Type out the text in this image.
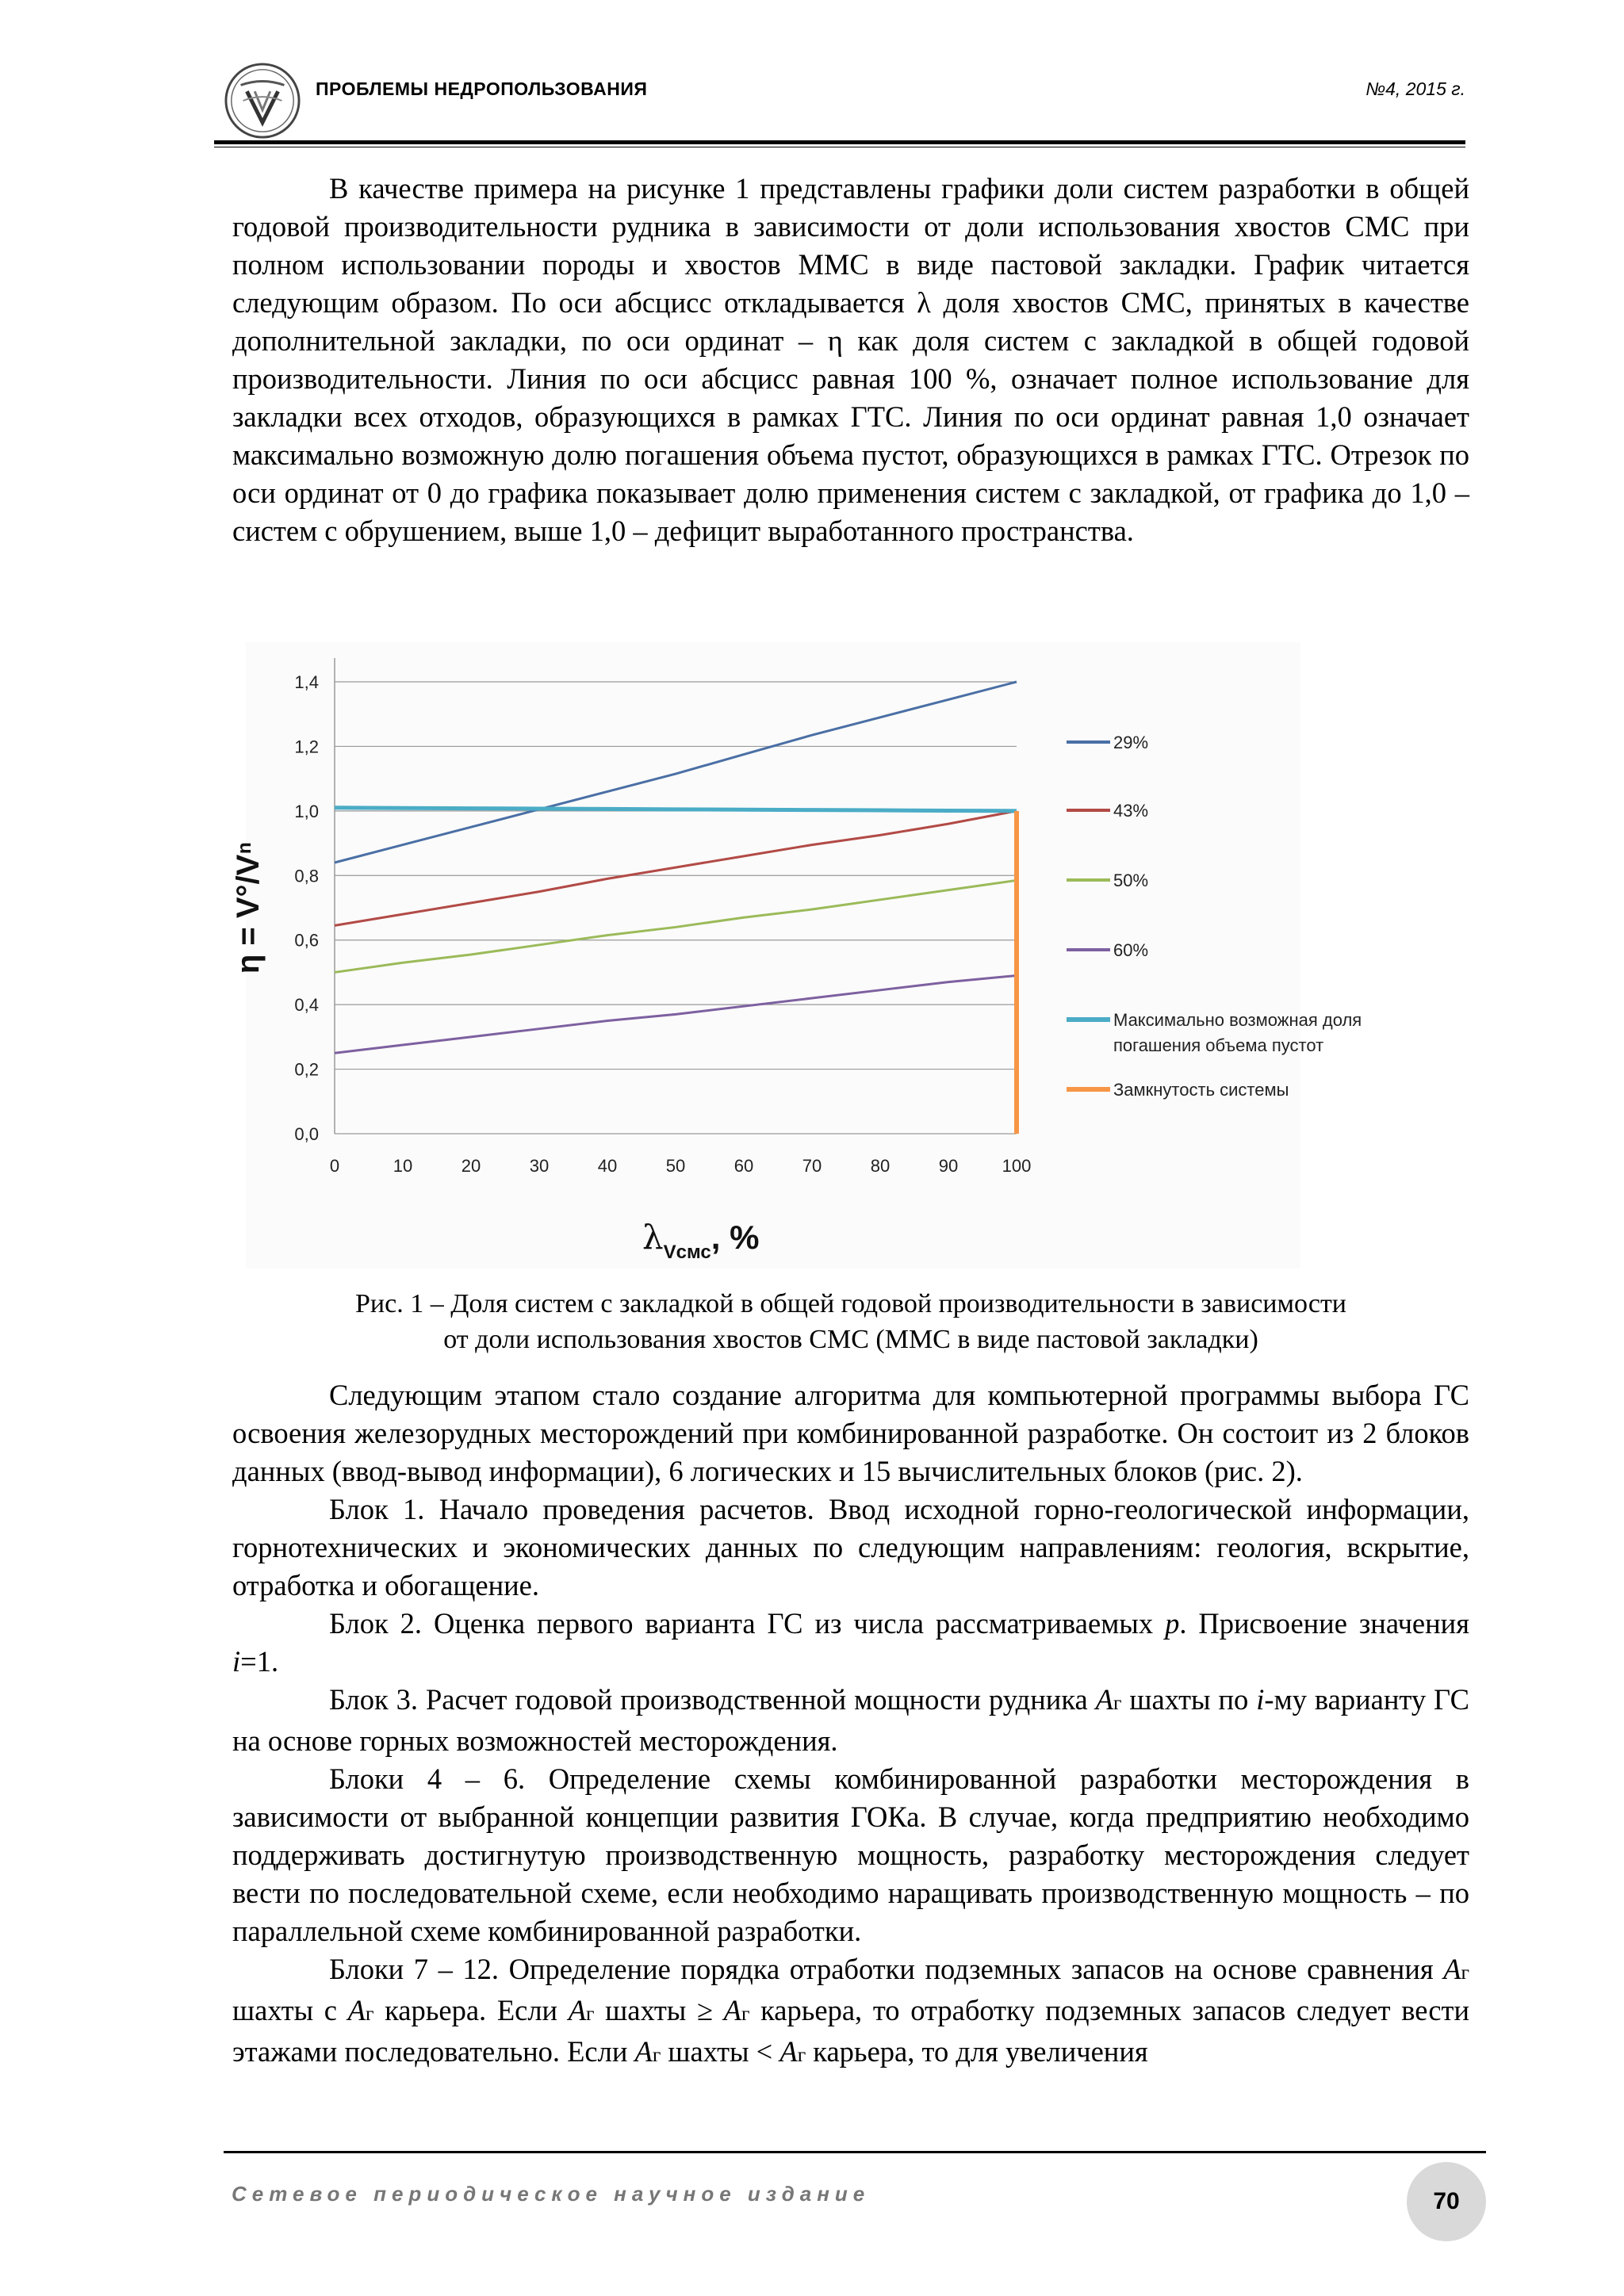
ПРОБЛЕМЫ НЕДРОПОЛЬЗОВАНИЯ	№4, 2015 г.

В качестве примера на рисунке 1 представлены графики доли систем разработки в общей годовой производительности рудника в зависимости от доли использования хвостов СМС при полном использовании породы и хвостов ММС в виде пастовой закладки. График читается следующим образом. По оси абсцисс откладывается λ доля хвостов СМС, принятых в качестве дополнительной закладки, по оси ординат – η как доля систем с закладкой в общей годовой производительности. Линия по оси абсцисс равная 100 %, означает полное использование для закладки всех отходов, образующихся в рамках ГТС. Линия по оси ординат равная 1,0 означает максимально возможную долю погашения объема пустот, образующихся в рамках ГТС. Отрезок по оси ординат от 0 до графика показывает долю применения систем с закладкой, от графика до 1,0 – систем с обрушением, выше 1,0 – дефицит выработанного пространства.

0,0
0,2
0,4
0,6
0,8
1,0
1,2
1,4
0	10	20	30	40	50	60	70	80	90	100
29%
43%
50%
60%
Максимально возможная доля
погашения объема пустот
Замкнутость системы
η = V°/Vⁿ
$\lambda_{Vсмс}$, %
Рис. 1 – Доля систем с закладкой в общей годовой производительности в зависимости
от доли использования хвостов СМС (ММС в виде пастовой закладки)

Следующим этапом стало создание алгоритма для компьютерной программы выбора ГС освоения железорудных месторождений при комбинированной разработке. Он состоит из 2 блоков данных (ввод-вывод информации), 6 логических и 15 вычислительных блоков (рис. 2).

Блок 1. Начало проведения расчетов. Ввод исходной горно-геологической информации, горнотехнических и экономических данных по следующим направлениям: геология, вскрытие, отработка и обогащение.

Блок 2. Оценка первого варианта ГС из числа рассматриваемых p. Присвоение значения i=1.

Блок 3. Расчет годовой производственной мощности рудника Аг шахты по i-му варианту ГС на основе горных возможностей месторождения.

Блоки 4 – 6. Определение схемы комбинированной разработки месторождения в зависимости от выбранной концепции развития ГОКа. В случае, когда предприятию необходимо поддерживать достигнутую производственную мощность, разработку месторождения следует вести по последовательной схеме, если необходимо наращивать производственную мощность – по параллельной схеме комбинированной разработки.

Блоки 7 – 12. Определение порядка отработки подземных запасов на основе сравнения Аг шахты с Аг карьера. Если Аг шахты ≥ Аг карьера, то отработку подземных запасов следует вести этажами последовательно. Если Аг шахты < Аг карьера, то для увеличения

Сетевое периодическое научное издание	70
